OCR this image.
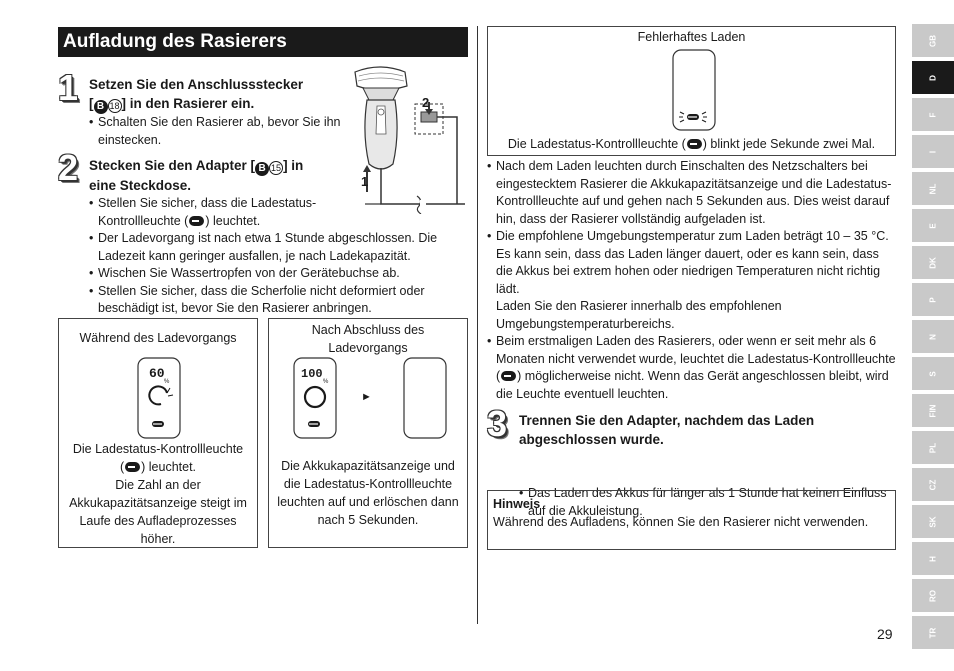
Aufladung des Rasierers
1 Setzen Sie den Anschlussstecker
[ B 18 ] in den Rasierer ein.
• Schalten Sie den Rasierer ab, bevor Sie ihn einstecken.
2
1
2 Stecken Sie den Adapter [ B 15 ] in
eine Steckdose.
• Stellen Sie sicher, dass die Ladestatus-
Kontrollleuchte ( ) leuchtet.
• Der Ladevorgang ist nach etwa 1 Stunde abgeschlossen. Die Ladezeit kann geringer ausfallen, je nach Ladekapazität.
• Wischen Sie Wassertropfen von der Gerätebuchse ab.
• Stellen Sie sicher, dass die Scherfolie nicht deformiert oder beschädigt ist, bevor Sie den Rasierer anbringen.
Während des Ladevorgangs
60
%
Die Ladestatus-Kontrollleuchte
( ) leuchtet.
Die Zahl an der Akkukapazitätsanzeige steigt im Laufe des Aufladeprozesses höher.
Nach Abschluss des Ladevorgangs
100
%
►
Die Akkukapazitätsanzeige und die Ladestatus-Kontrollleuchte leuchten auf und erlöschen dann nach 5 Sekunden.
Fehlerhaftes Laden
Die Ladestatus-Kontrollleuchte ( ) blinkt jede Sekunde zwei Mal.
• Nach dem Laden leuchten durch Einschalten des Netzschalters bei eingestecktem Rasierer die Akkukapazitätsanzeige und die Ladestatus-Kontrollleuchte auf und gehen nach 5 Sekunden aus. Dies weist darauf hin, dass der Rasierer vollständig aufgeladen ist.
• Die empfohlene Umgebungstemperatur zum Laden beträgt 10 – 35 °C. Es kann sein, dass das Laden länger dauert, oder es kann sein, dass die Akkus bei extrem hohen oder niedrigen Temperaturen nicht richtig lädt.
Laden Sie den Rasierer innerhalb des empfohlenen Umgebungstemperaturbereichs.
• Beim erstmaligen Laden des Rasierers, oder wenn er seit mehr als 6 Monaten nicht verwendet wurde, leuchtet die Ladestatus-Kontrollleuchte ( ) möglicherweise nicht. Wenn das Gerät angeschlossen bleibt, wird die Leuchte eventuell leuchten.
3 Trennen Sie den Adapter, nachdem das Laden abgeschlossen wurde.
• Das Laden des Akkus für länger als 1 Stunde hat keinen Einfluss auf die Akkuleistung.
Hinweis
Während des Aufladens, können Sie den Rasierer nicht verwenden.
GB
D
F
I
NL
E
DK
P
N
S
FIN
PL
CZ
SK
H
RO
TR
29
